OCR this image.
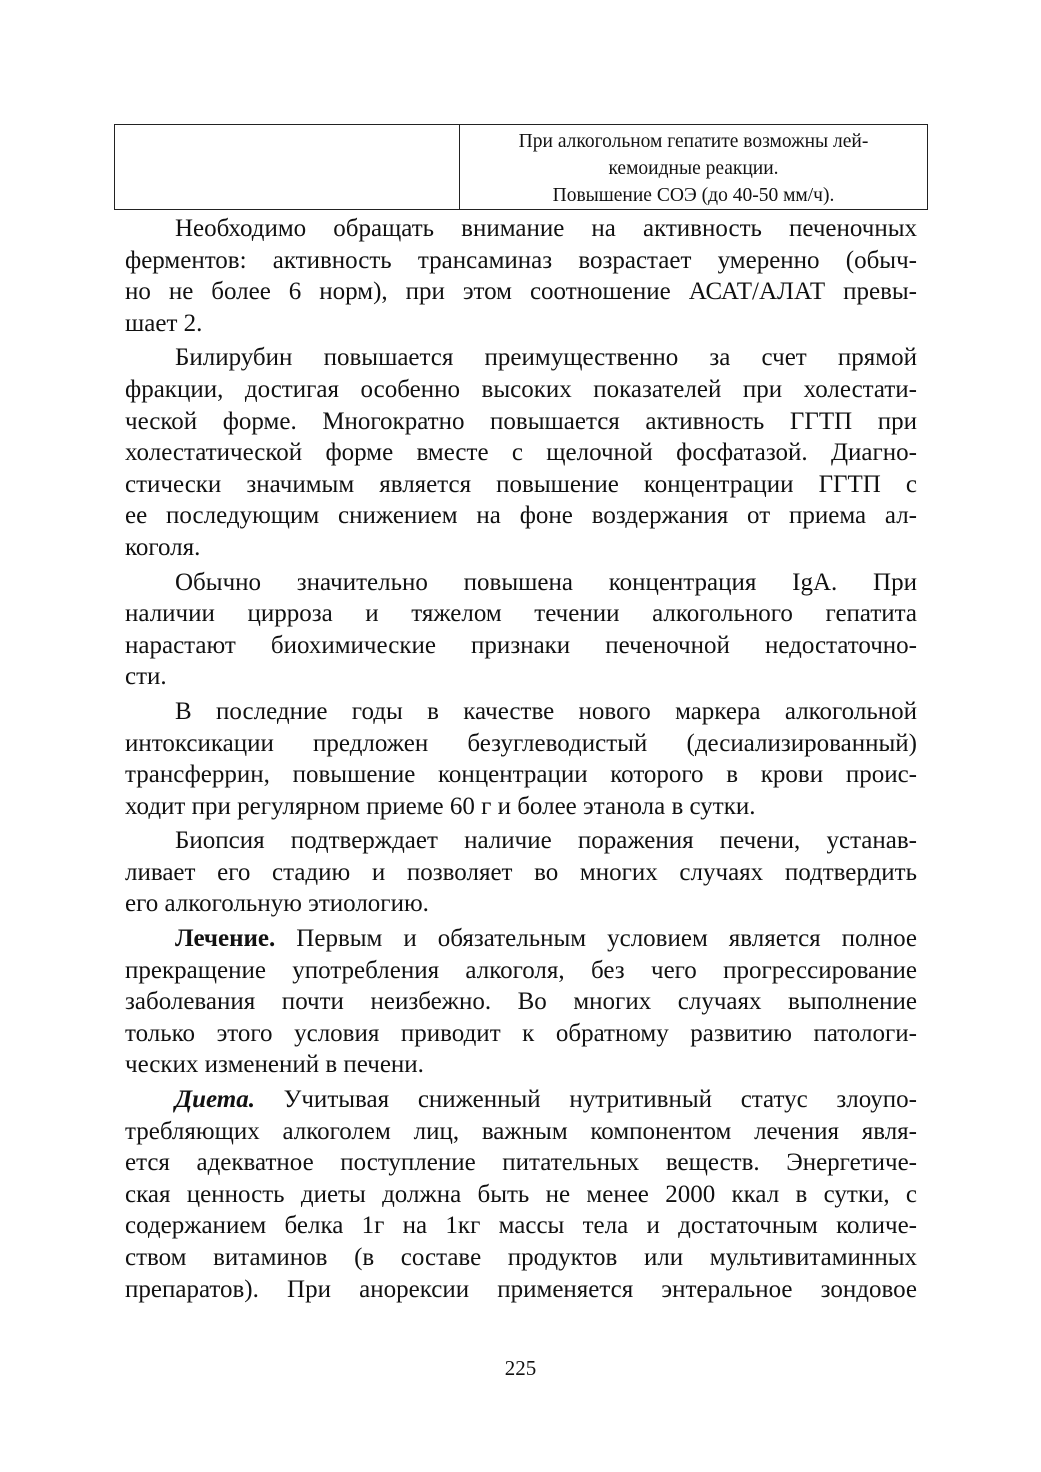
При алкогольном гепатите возможны лей-
кемоидные реакции.
Повышение СОЭ (до 40-50 мм/ч).
Необходимо обращать внимание на активность печеночных
ферментов: активность трансаминаз возрастает умеренно (обыч-
но не более 6 норм), при этом соотношение АСАТ/АЛАТ превы-
шает 2.
Билирубин повышается преимущественно за счет прямой
фракции, достигая особенно высоких показателей при холестати-
ческой форме. Многократно повышается активность ГГТП при
холестатической форме вместе с щелочной фосфатазой. Диагно-
стически значимым является повышение концентрации ГГТП с
ее последующим снижением на фоне воздержания от приема ал-
коголя.
Обычно значительно повышена концентрация IgA. При
наличии цирроза и тяжелом течении алкогольного гепатита
нарастают биохимические признаки печеночной недостаточно-
сти.
В последние годы в качестве нового маркера алкогольной
интоксикации предложен безуглеводистый (десиализированный)
трансферрин, повышение концентрации которого в крови проис-
ходит при регулярном приеме 60 г и более этанола в сутки.
Биопсия подтверждает наличие поражения печени, устанав-
ливает его стадию и позволяет во многих случаях подтвердить
его алкогольную этиологию.
Лечение. Первым и обязательным условием является полное
прекращение употребления алкоголя, без чего прогрессирование
заболевания почти неизбежно. Во многих случаях выполнение
только этого условия приводит к обратному развитию патологи-
ческих изменений в печени.
Диета. Учитывая сниженный нутритивный статус злоупо-
требляющих алкоголем лиц, важным компонентом лечения явля-
ется адекватное поступление питательных веществ. Энергетиче-
ская ценность диеты должна быть не менее 2000 ккал в сутки, с
содержанием белка 1г на 1кг массы тела и достаточным количе-
ством витаминов (в составе продуктов или мультивитаминных
препаратов). При анорексии применяется энтеральное зондовое
225
